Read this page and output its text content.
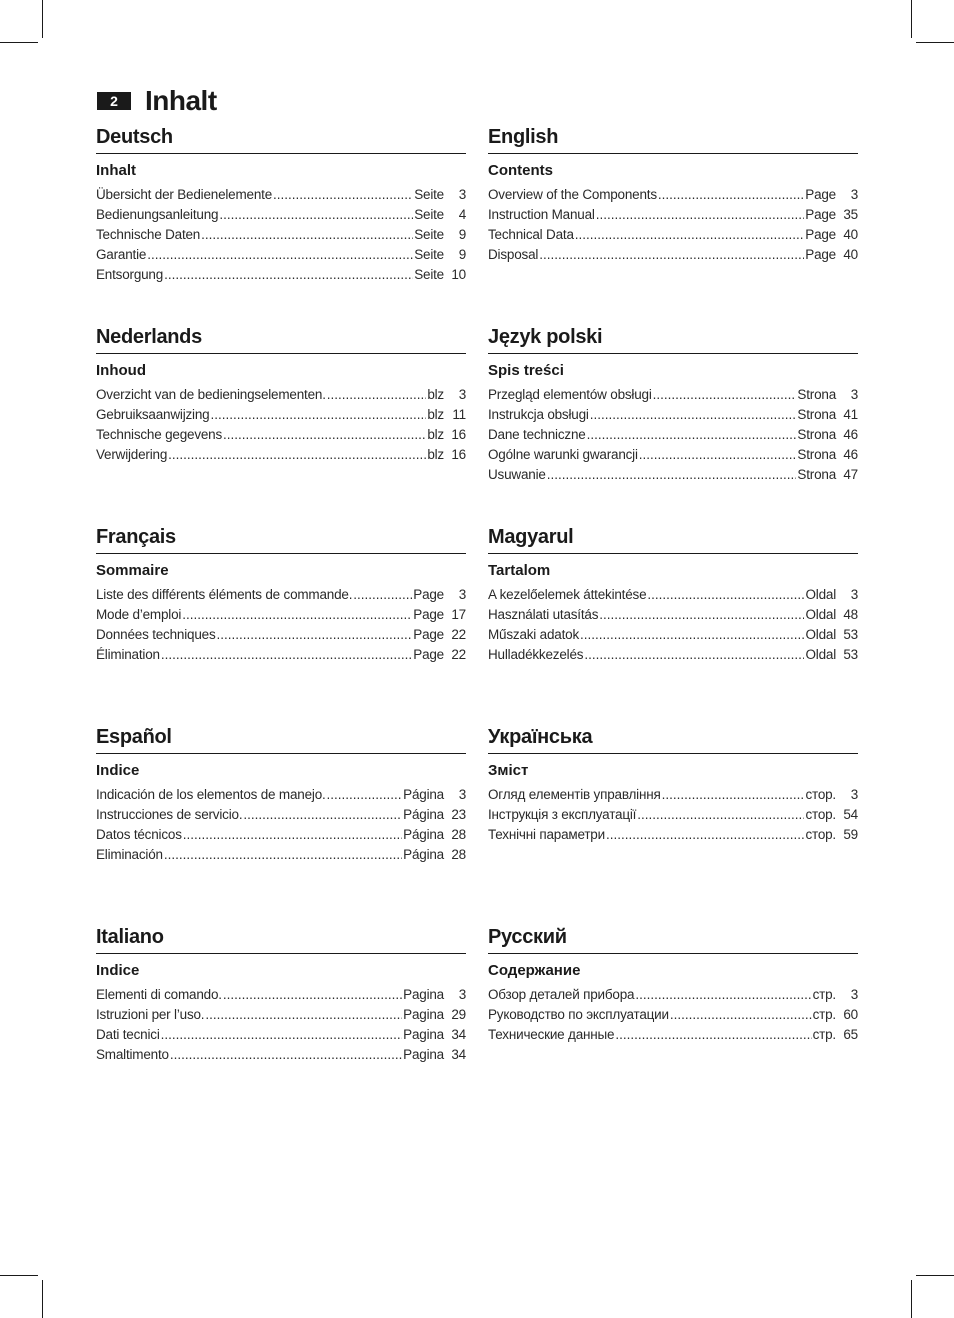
2 Inhalt
Deutsch
Inhalt
Übersicht der Bedienelemente .....	Seite	3
Bedienungsanleitung .....	Seite	4
Technische Daten .....	Seite	9
Garantie .....	Seite	9
Entsorgung .....	Seite 10
English
Contents
Overview of the Components .....	Page	3
Instruction Manual .....	Page 35
Technical Data .....	Page 40
Disposal .....	Page 40
Nederlands
Inhoud
Overzicht van de bedieningselementen. .....	blz	3
Gebruiksaanwijzing .....	blz 11
Technische gegevens .....	blz 16
Verwijdering .....	blz 16
Język polski
Spis treści
Przegląd elementów obsługi .....	Strona	3
Instrukcja obsługi .....	Strona 41
Dane techniczne .....	Strona 46
Ogólne warunki gwarancji .....	Strona 46
Usuwanie .....	Strona 47
Français
Sommaire
Liste des différents éléments de commande. .....	Page	3
Mode d’emploi .....	Page 17
Données techniques .....	Page 22
Élimination .....	Page 22
Magyarul
Tartalom
A kezelőelemek áttekintése .....	Oldal	3
Használati utasítás .....	Oldal 48
Műszaki adatok .....	Oldal 53
Hulladékkezelés .....	Oldal 53
Español
Indice
Indicación de los elementos de manejo. .....	Página	3
Instrucciones de servicio. .....	Página 23
Datos técnicos .....	Página 28
Eliminación .....	Página 28
Українська
Зміст
Огляд елементів управління .....	стор.	3
Інструкція з експлуатації .....	стор. 54
Технічні параметри .....	стор. 59
Italiano
Indice
Elementi di comando. .....	Pagina	3
Istruzioni per l’uso. .....	Pagina 29
Dati tecnici .....	Pagina 34
Smaltimento .....	Pagina 34
Русский
Содержание
Обзор деталей прибора .....	стр.	3
Руководство по эксплуатации .....	стр. 60
Технические данные .....	стр. 65
